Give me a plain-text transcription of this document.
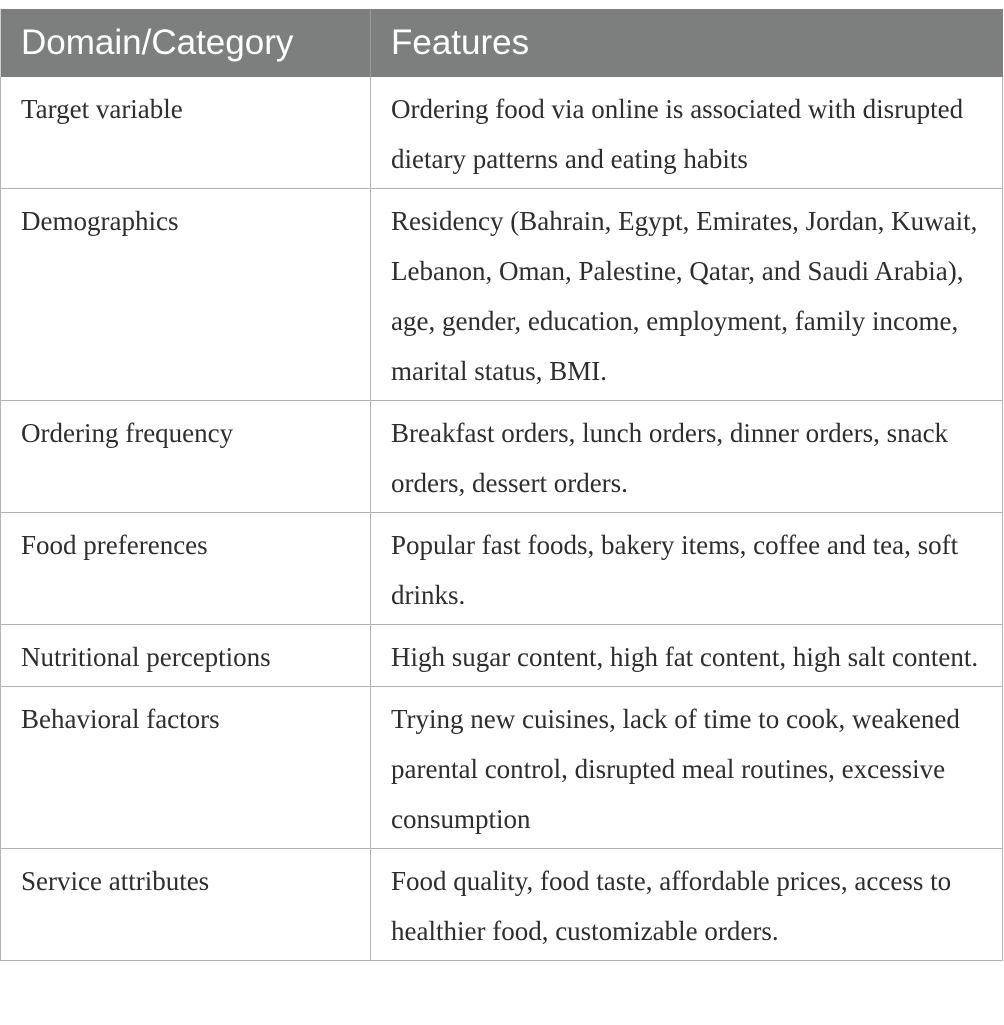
Domain/Category	Features
Target variable	Ordering food via online is associated with disrupted dietary patterns and eating habits
Demographics	Residency (Bahrain, Egypt, Emirates, Jordan, Kuwait, Lebanon, Oman, Palestine, Qatar, and Saudi Arabia), age, gender, education, employment, family income, marital status, BMI.
Ordering frequency	Breakfast orders, lunch orders, dinner orders, snack orders, dessert orders.
Food preferences	Popular fast foods, bakery items, coffee and tea, soft drinks.
Nutritional perceptions	High sugar content, high fat content, high salt content.
Behavioral factors	Trying new cuisines, lack of time to cook, weakened parental control, disrupted meal routines, excessive consumption
Service attributes	Food quality, food taste, affordable prices, access to healthier food, customizable orders.
